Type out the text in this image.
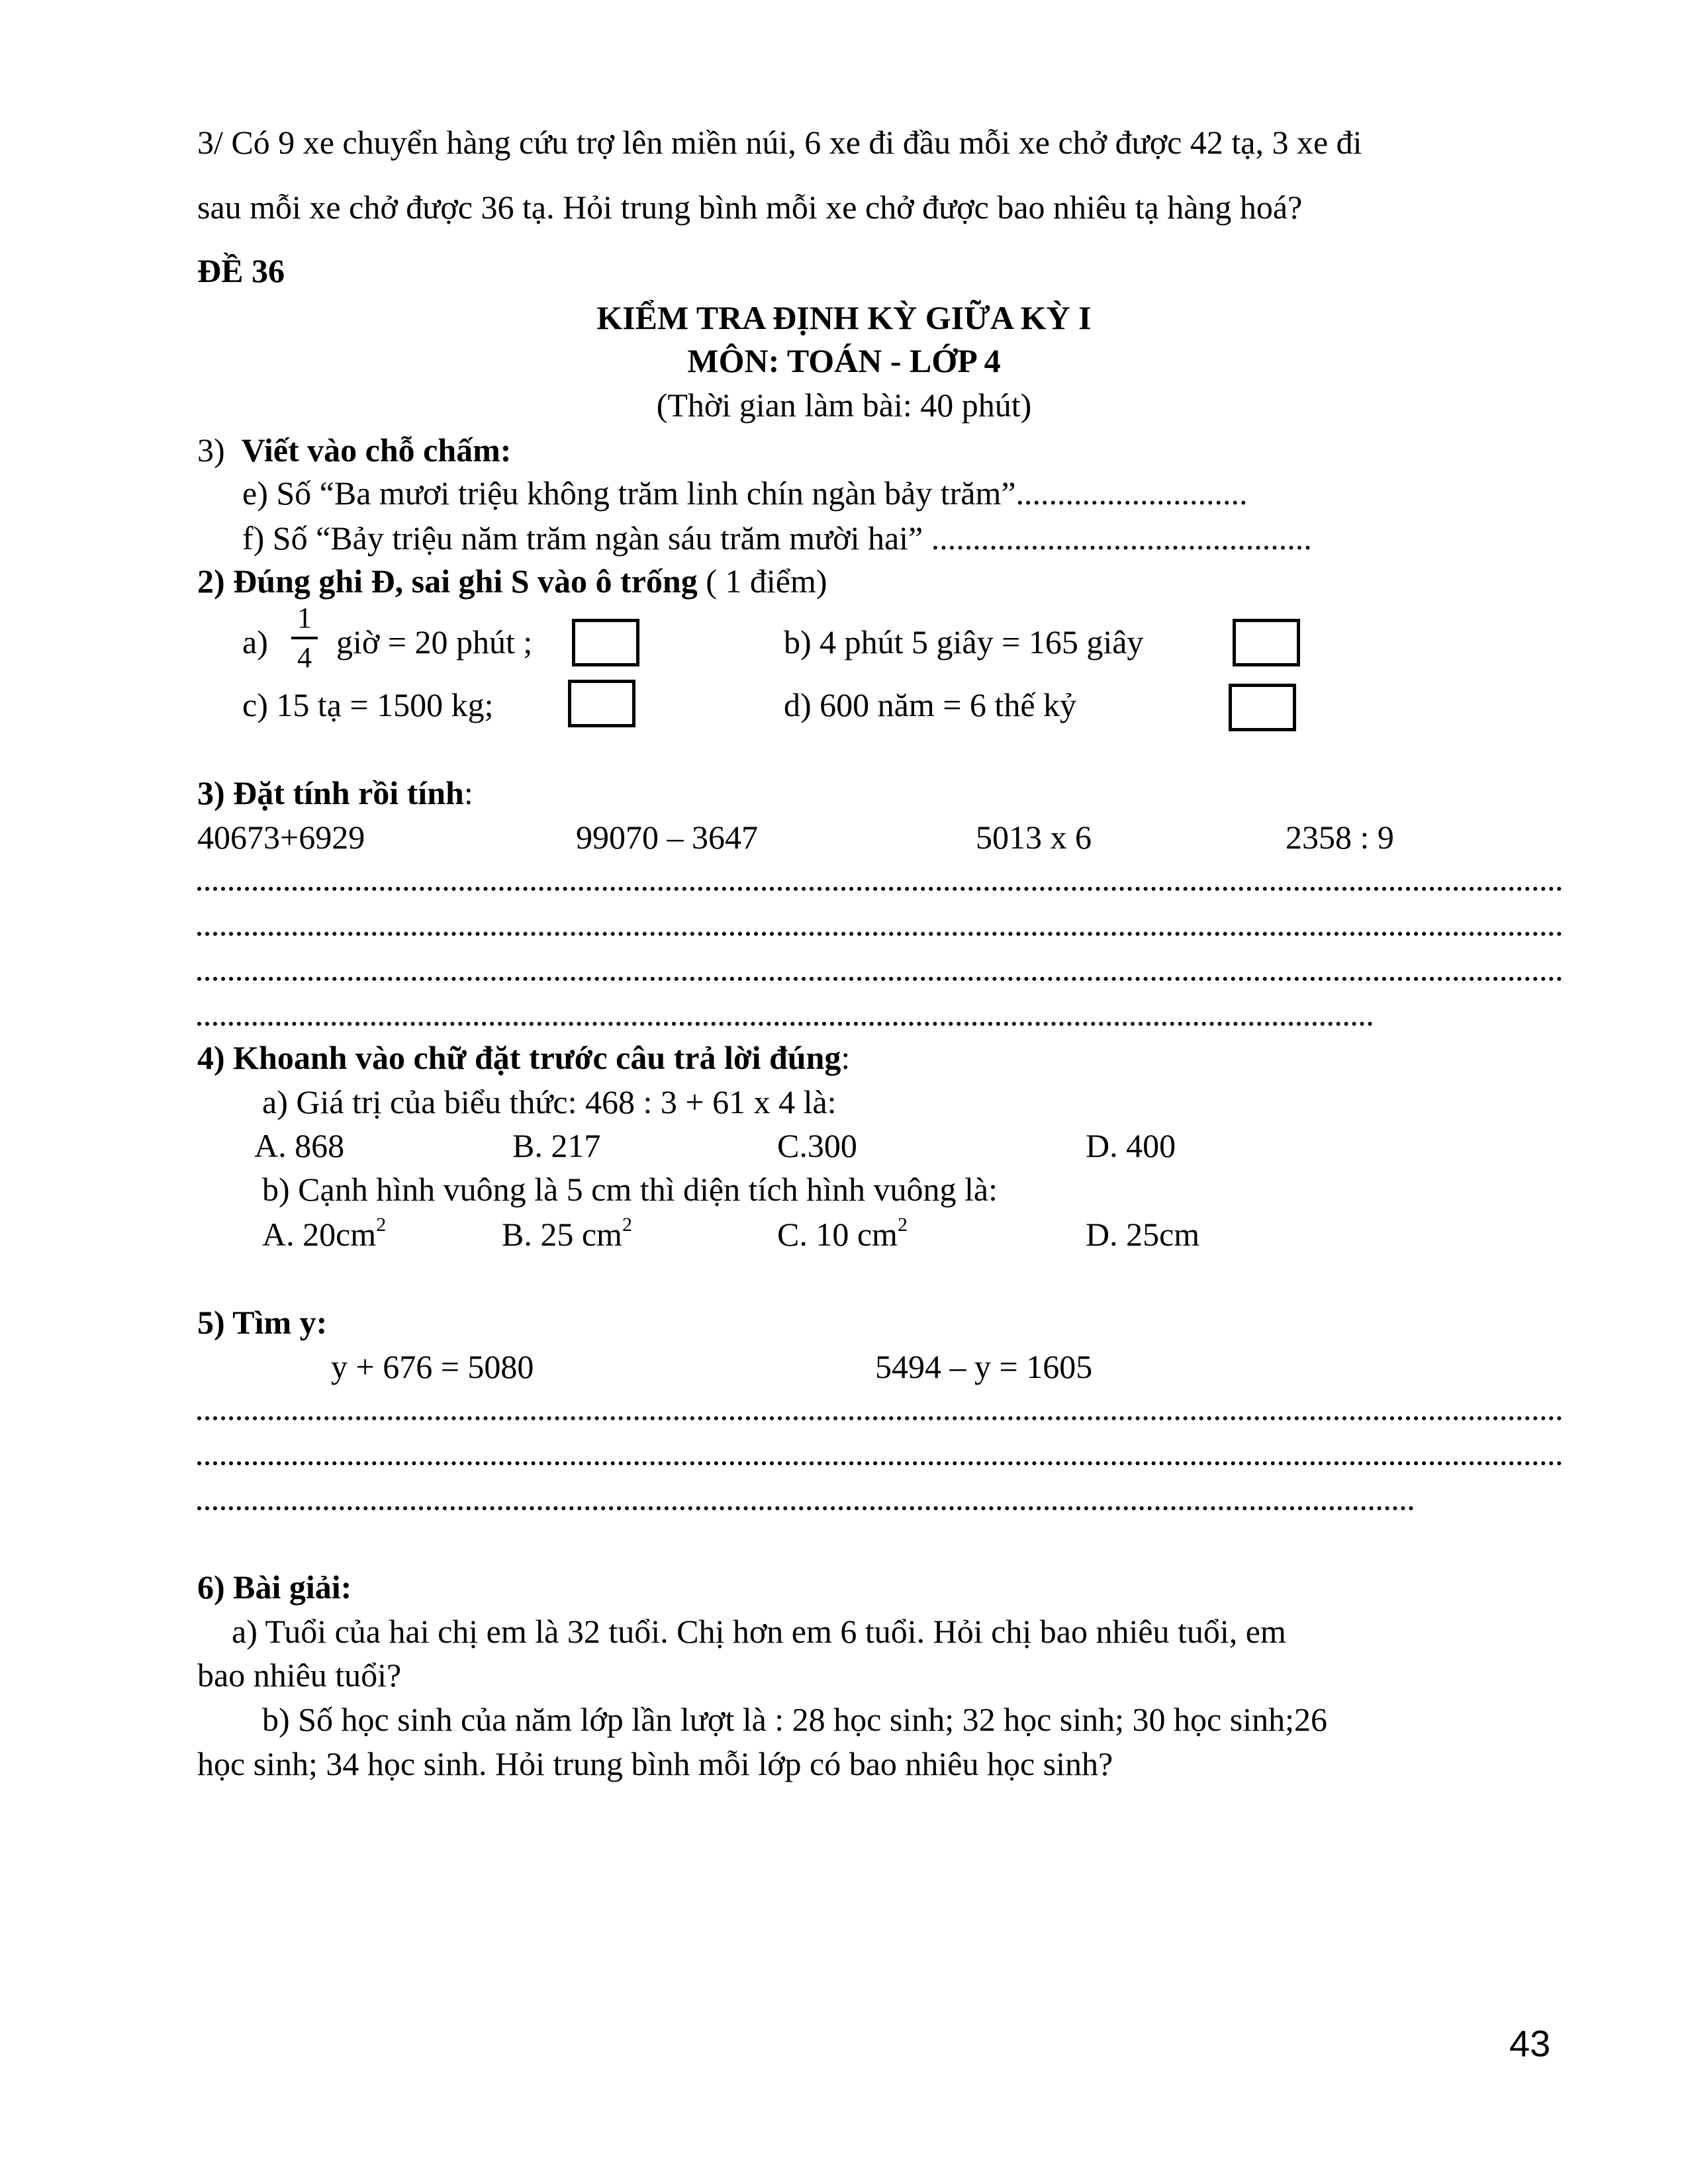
3/ Có 9 xe chuyển hàng cứu trợ lên miền núi, 6 xe đi đầu mỗi xe chở được 42 tạ, 3 xe đi
sau mỗi xe chở được 36 tạ. Hỏi trung bình mỗi xe chở được bao nhiêu tạ hàng hoá?
ĐỀ 36
KIỂM TRA ĐỊNH KỲ GIỮA KỲ I
MÔN: TOÁN - LỚP 4
(Thời gian làm bài: 40 phút)
3) Viết vào chỗ chấm:
e) Số “Ba mươi triệu không trăm linh chín ngàn bảy trăm”............................
f) Số “Bảy triệu năm trăm ngàn sáu trăm mười hai” ..............................................
2) Đúng ghi Đ, sai ghi S vào ô trống ( 1 điểm)
a)
1
4 giờ = 20 phút ;	b) 4 phút 5 giây = 165 giây
c) 15 tạ = 1500 kg;	d) 600 năm = 6 thế kỷ
3) Đặt tính rồi tính:
40673+6929	99070 – 3647	5013 x 6	2358 : 9
4) Khoanh vào chữ đặt trước câu trả lời đúng:
a) Giá trị của biểu thức: 468 : 3 + 61 x 4 là:
A. 868	B. 217	C.300	D. 400
b) Cạnh hình vuông là 5 cm thì diện tích hình vuông là:
A. $20cm^2$	B. 25 $cm^2$	C. 10 $cm^2$	D. 25cm
5) Tìm y:
y + 676 = 5080	5494 – y = 1605
6) Bài giải:
a) Tuổi của hai chị em là 32 tuổi. Chị hơn em 6 tuổi. Hỏi chị bao nhiêu tuổi, em
bao nhiêu tuổi?
b) Số học sinh của năm lớp lần lượt là : 28 học sinh; 32 học sinh; 30 học sinh;26
học sinh; 34 học sinh. Hỏi trung bình mỗi lớp có bao nhiêu học sinh?
43
